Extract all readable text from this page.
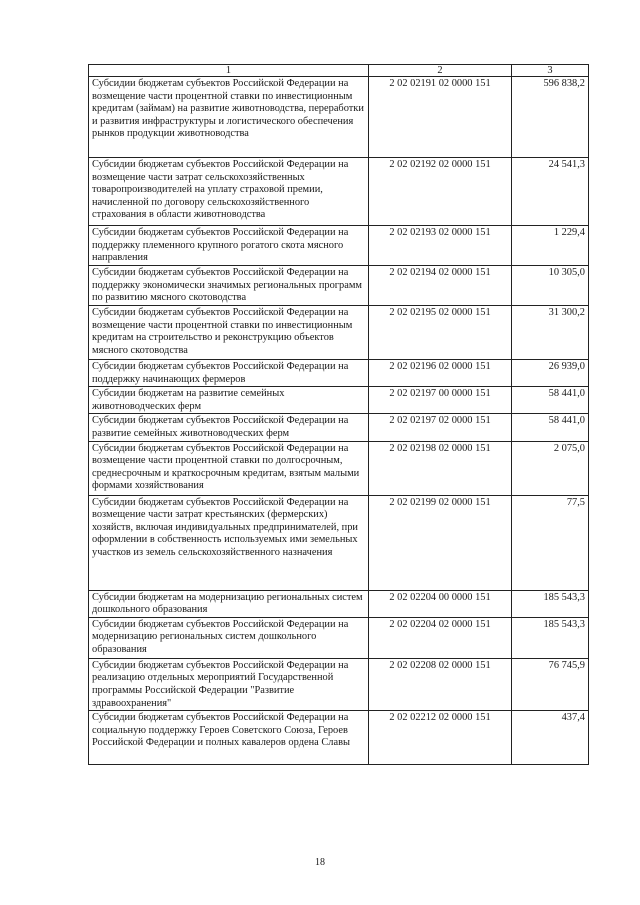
1	2	3
Субсидии бюджетам субъектов Российской Федерации на возмещение части процентной ставки по инвестиционным кредитам (займам) на развитие животноводства, переработки и развития инфраструктуры и логистического обеспечения рынков продукции животноводства	2 02 02191 02 0000 151	596 838,2
Субсидии бюджетам субъектов Российской Федерации на возмещение части затрат сельскохозяйственных товаропроизводителей на уплату страховой премии, начисленной по договору сельскохозяйственного страхования в области животноводства	2 02 02192 02 0000 151	24 541,3
Субсидии бюджетам субъектов Российской Федерации на поддержку племенного крупного рогатого скота мясного направления	2 02 02193 02 0000 151	1 229,4
Субсидии бюджетам субъектов Российской Федерации на поддержку экономически значимых региональных программ по развитию мясного скотоводства	2 02 02194 02 0000 151	10 305,0
Субсидии бюджетам субъектов Российской Федерации на возмещение части процентной ставки по инвестиционным кредитам на строительство и реконструкцию объектов мясного скотоводства	2 02 02195 02 0000 151	31 300,2
Субсидии бюджетам субъектов Российской Федерации на поддержку начинающих фермеров	2 02 02196 02 0000 151	26 939,0
Субсидии бюджетам на развитие семейных животноводческих ферм	2 02 02197 00 0000 151	58 441,0
Субсидии бюджетам субъектов Российской Федерации на развитие семейных животноводческих ферм	2 02 02197 02 0000 151	58 441,0
Субсидии бюджетам субъектов Российской Федерации на возмещение части процентной ставки по долгосрочным, среднесрочным и краткосрочным кредитам, взятым малыми формами хозяйствования	2 02 02198 02 0000 151	2 075,0
Субсидии бюджетам субъектов Российской Федерации на возмещение части затрат крестьянских (фермерских) хозяйств, включая индивидуальных предпринимателей, при оформлении в собственность используемых ими земельных участков из земель сельскохозяйственного назначения	2 02 02199 02 0000 151	77,5
Субсидии бюджетам на модернизацию региональных систем дошкольного образования	2 02 02204 00 0000 151	185 543,3
Субсидии бюджетам субъектов Российской Федерации на модернизацию региональных систем дошкольного образования	2 02 02204 02 0000 151	185 543,3
Субсидии бюджетам субъектов Российской Федерации на реализацию отдельных мероприятий Государственной программы Российской Федерации "Развитие здравоохранения"	2 02 02208 02 0000 151	76 745,9
Субсидии бюджетам субъектов Российской Федерации на социальную поддержку Героев Советского Союза, Героев Российской Федерации и полных кавалеров ордена Славы	2 02 02212 02 0000 151	437,4
18
